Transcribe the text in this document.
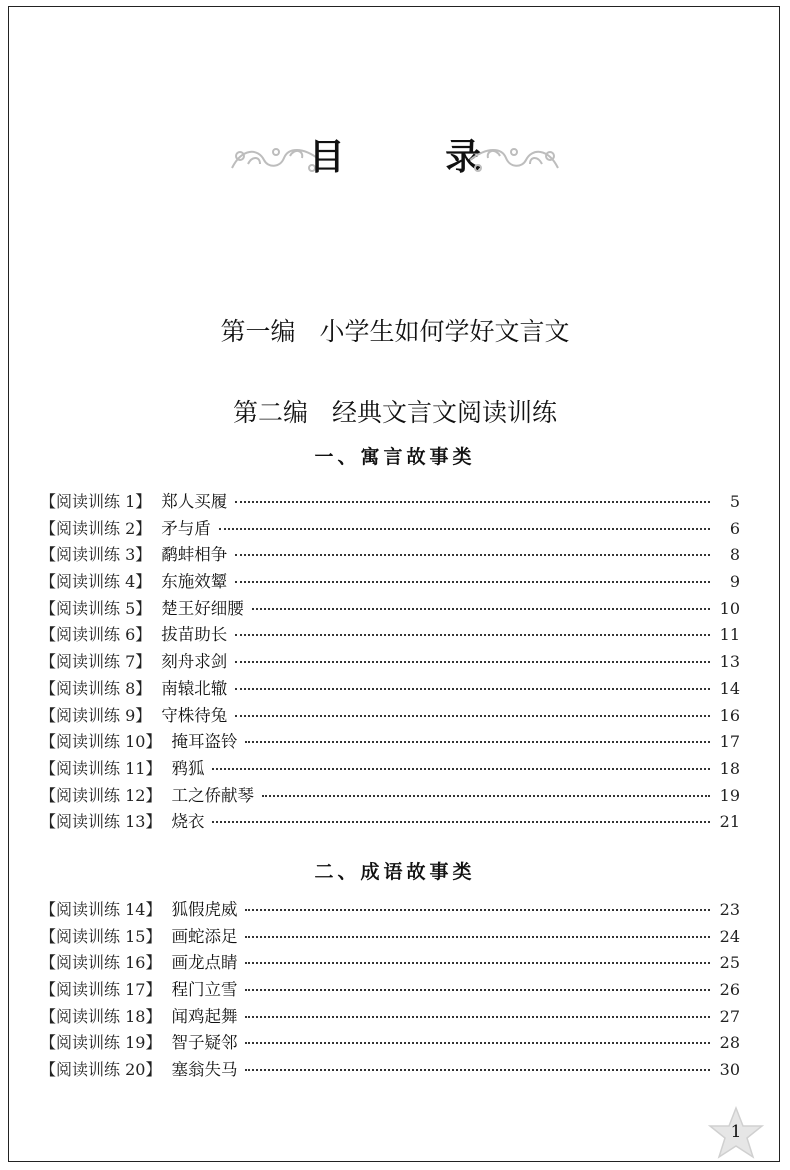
目 录
第一编 小学生如何学好文言文
第二编 经典文言文阅读训练
一、寓言故事类
【阅读训练 1】 郑人买履	5
【阅读训练 2】 矛与盾	6
【阅读训练 3】 鹬蚌相争	8
【阅读训练 4】 东施效颦	9
【阅读训练 5】 楚王好细腰	10
【阅读训练 6】 拔苗助长	11
【阅读训练 7】 刻舟求剑	13
【阅读训练 8】 南辕北辙	14
【阅读训练 9】 守株待兔	16
【阅读训练 10】 掩耳盗铃	17
【阅读训练 11】 鸦狐	18
【阅读训练 12】 工之侨献琴	19
【阅读训练 13】 烧衣	21
二、成语故事类
【阅读训练 14】 狐假虎威	23
【阅读训练 15】 画蛇添足	24
【阅读训练 16】 画龙点睛	25
【阅读训练 17】 程门立雪	26
【阅读训练 18】 闻鸡起舞	27
【阅读训练 19】 智子疑邻	28
【阅读训练 20】 塞翁失马	30
1
